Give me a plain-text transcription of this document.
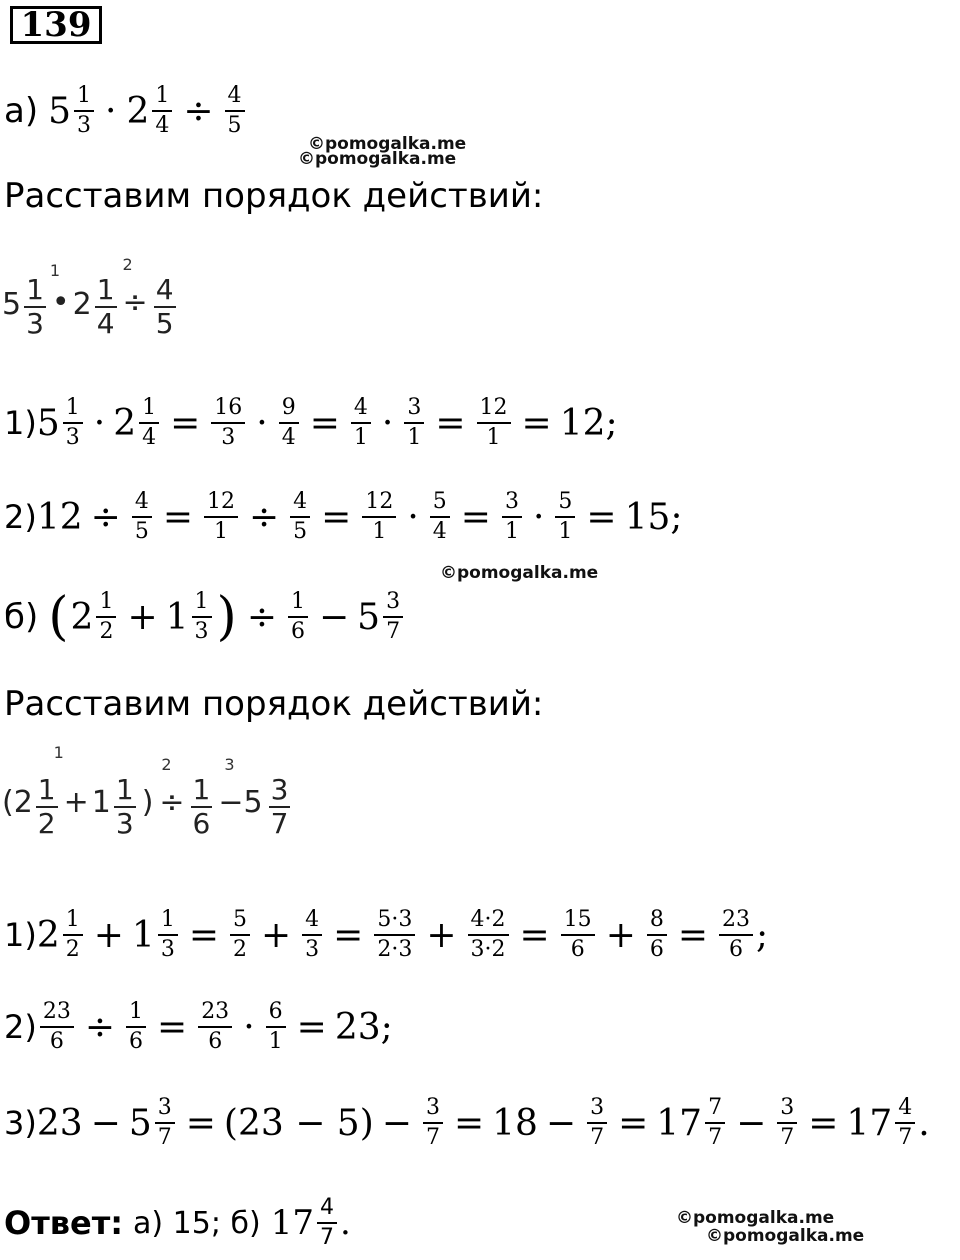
139
а) $5 \frac{1}{3} \cdot 2 \frac{1}{4} \div \frac{4}{5}$
©pomogalka.me
©pomogalka.me
Расставим порядок действий:
$5 \frac{1}{3}$
1
• $2 \frac{1}{4}$
2
÷ $\frac{4}{5}$
1) $5 \frac{1}{3} \cdot 2 \frac{1}{4} = \frac{16}{3} \cdot \frac{9}{4} = \frac{4}{1} \cdot \frac{3}{1} = \frac{12}{1} = 12$;
2) $12 \div \frac{4}{5} = \frac{12}{1} \div \frac{4}{5} = \frac{12}{1} \cdot \frac{5}{4} = \frac{3}{1} \cdot \frac{5}{1} = 15$;
©pomogalka.me
б) ( $2 \frac{1}{2} + 1 \frac{1}{3}$ ) ÷ $\frac{1}{6} - 5 \frac{3}{7}$
Расставим порядок действий:
($2 \frac{1}{2}$
1
+ $1 \frac{1}{3}$ )
2
÷ $\frac{1}{6}$
3
$-5 \frac{3}{7}$
1) $2 \frac{1}{2} + 1 \frac{1}{3} = \frac{5}{2} + \frac{4}{3} = \frac{5\cdot 3}{2\cdot 3} + \frac{4\cdot 2}{3\cdot 2} = \frac{15}{6} + \frac{8}{6} = \frac{23}{6}$ ;
$2) \frac{23}{6} \div \frac{1}{6} = \frac{23}{6} \cdot \frac{6}{1} = 23$;
3) $23 - 5 \frac{3}{7} = (23 - 5) - \frac{3}{7} = 18 - \frac{3}{7} = 17 \frac{7}{7} - \frac{3}{7} = 17 \frac{4}{7}$ .
Ответ: а) 15; б) $17 \frac{4}{7}$ .	©pomogalka.me
©pomogalka.me
